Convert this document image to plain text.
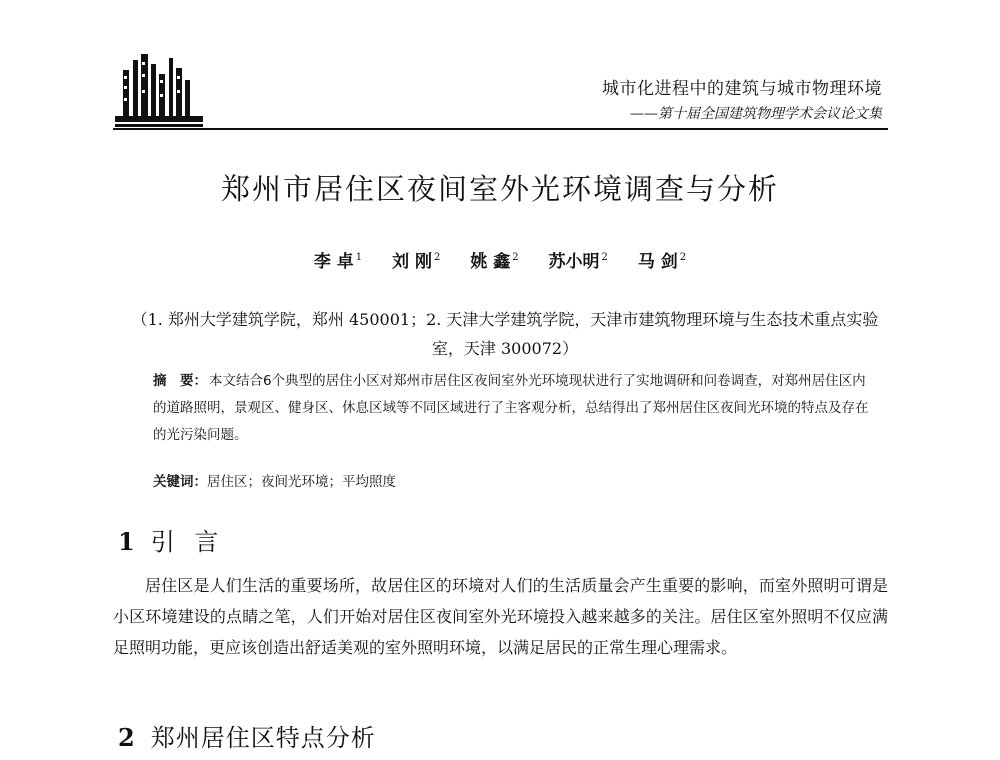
城市化进程中的建筑与城市物理环境
——第十届全国建筑物理学术会议论文集
郑州市居住区夜间室外光环境调查与分析
李 卓 $^1$ 刘 刚 $^2$ 姚 鑫 $^2$ 苏小明 $^2$ 马 剑 $^2$
（1. 郑州大学建筑学院，郑州 450001；2. 天津大学建筑学院，天津市建筑物理环境与生态技术重点实验室，天津 300072）
摘　要： 本文结合6个典型的居住小区对郑州市居住区夜间室外光环境现状进行了实地调研和问卷调查，对郑州居住区内的道路照明，景观区、健身区、休息区域等不同区域进行了主客观分析，总结得出了郑州居住区夜间光环境的特点及存在的光污染问题。
关键词：居住区；夜间光环境；平均照度
1 引 言
居住区是人们生活的重要场所，故居住区的环境对人们的生活质量会产生重要的影响，而室外照明可谓是小区环境建设的点睛之笔，人们开始对居住区夜间室外光环境投入越来越多的关注。居住区室外照明不仅应满足照明功能，更应该创造出舒适美观的室外照明环境，以满足居民的正常生理心理需求。
2 郑州居住区特点分析
